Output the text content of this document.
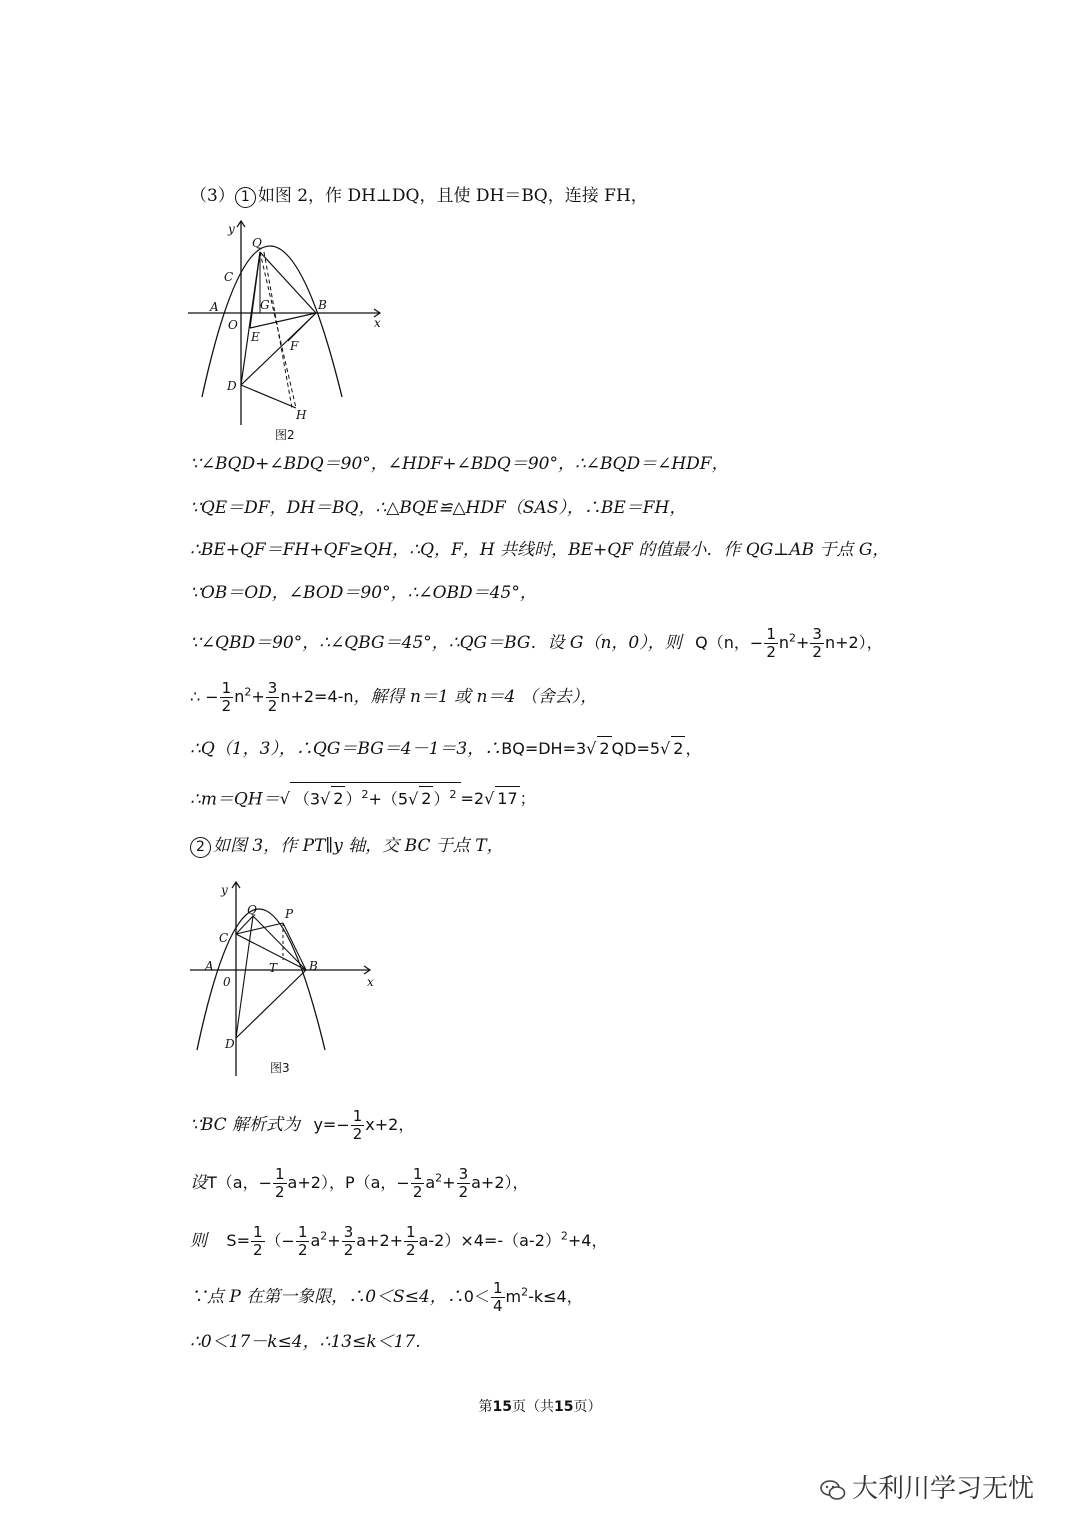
（3） 1 如图 2，作 DH⊥DQ，且使 DH＝BQ，连接 FH，
y
Q
C
A	G	B
O
E
F
x
D
H
图2
∵∠BQD+∠BDQ＝90°，∠HDF+∠BDQ＝90°，∴∠BQD＝∠HDF，
∵QE＝DF，DH＝BQ，∴△BQE≌△HDF（SAS），∴BE＝FH，
∴BE+QF＝FH+QF≥QH，∴Q，F，H 共线时，BE+QF 的值最小．作 QG⊥AB 于点 G，
∵OB＝OD，∠BOD＝90°，∴∠OBD＝45°，
∵∠QBD＝90°，∴∠QBG＝45°，∴QG＝BG．设 G（n，0），则 Q（n，− $\frac{1}{2} n^2+ \frac{3}{2} n+2$），
∴ − $\frac{1}{2} n^2+ \frac{3}{2} n+2=4-n$，解得 n＝1 或 n＝4 （舍去），
∴Q（1，3），∴QG＝BG＝4－1＝3，∴BQ=DH=3√ 2 QD=5√ 2 ，
∴m＝QH＝√ （3√ 2 ）$^2$+（5√ 2 ）$^2$ =2√ 17 ；
2 如图 3，作 PT∥y 轴，交 BC 于点 T，
y
Q P
C
A	T	B
0	x
D
图3
∵BC 解析式为 $y=- \frac{1}{2} x+2$，
设T（a，− $\frac{1}{2} a+2$），P（a，− $\frac{1}{2} a^2+ \frac{3}{2} a+2$），
则 $S= \frac{1}{2}$ （− $\frac{1}{2} a^2+ \frac{3}{2} a+2+ \frac{1}{2} a-2)\times 4=-(a-2)^2+4$，
∵点 P 在第一象限，∴0＜S≤4，∴0＜ $\frac{1}{4} m^2-k\le 4$，
∴0＜17－k≤4，∴13≤k＜17.
第15页（共15页）
大利川学习无忧
